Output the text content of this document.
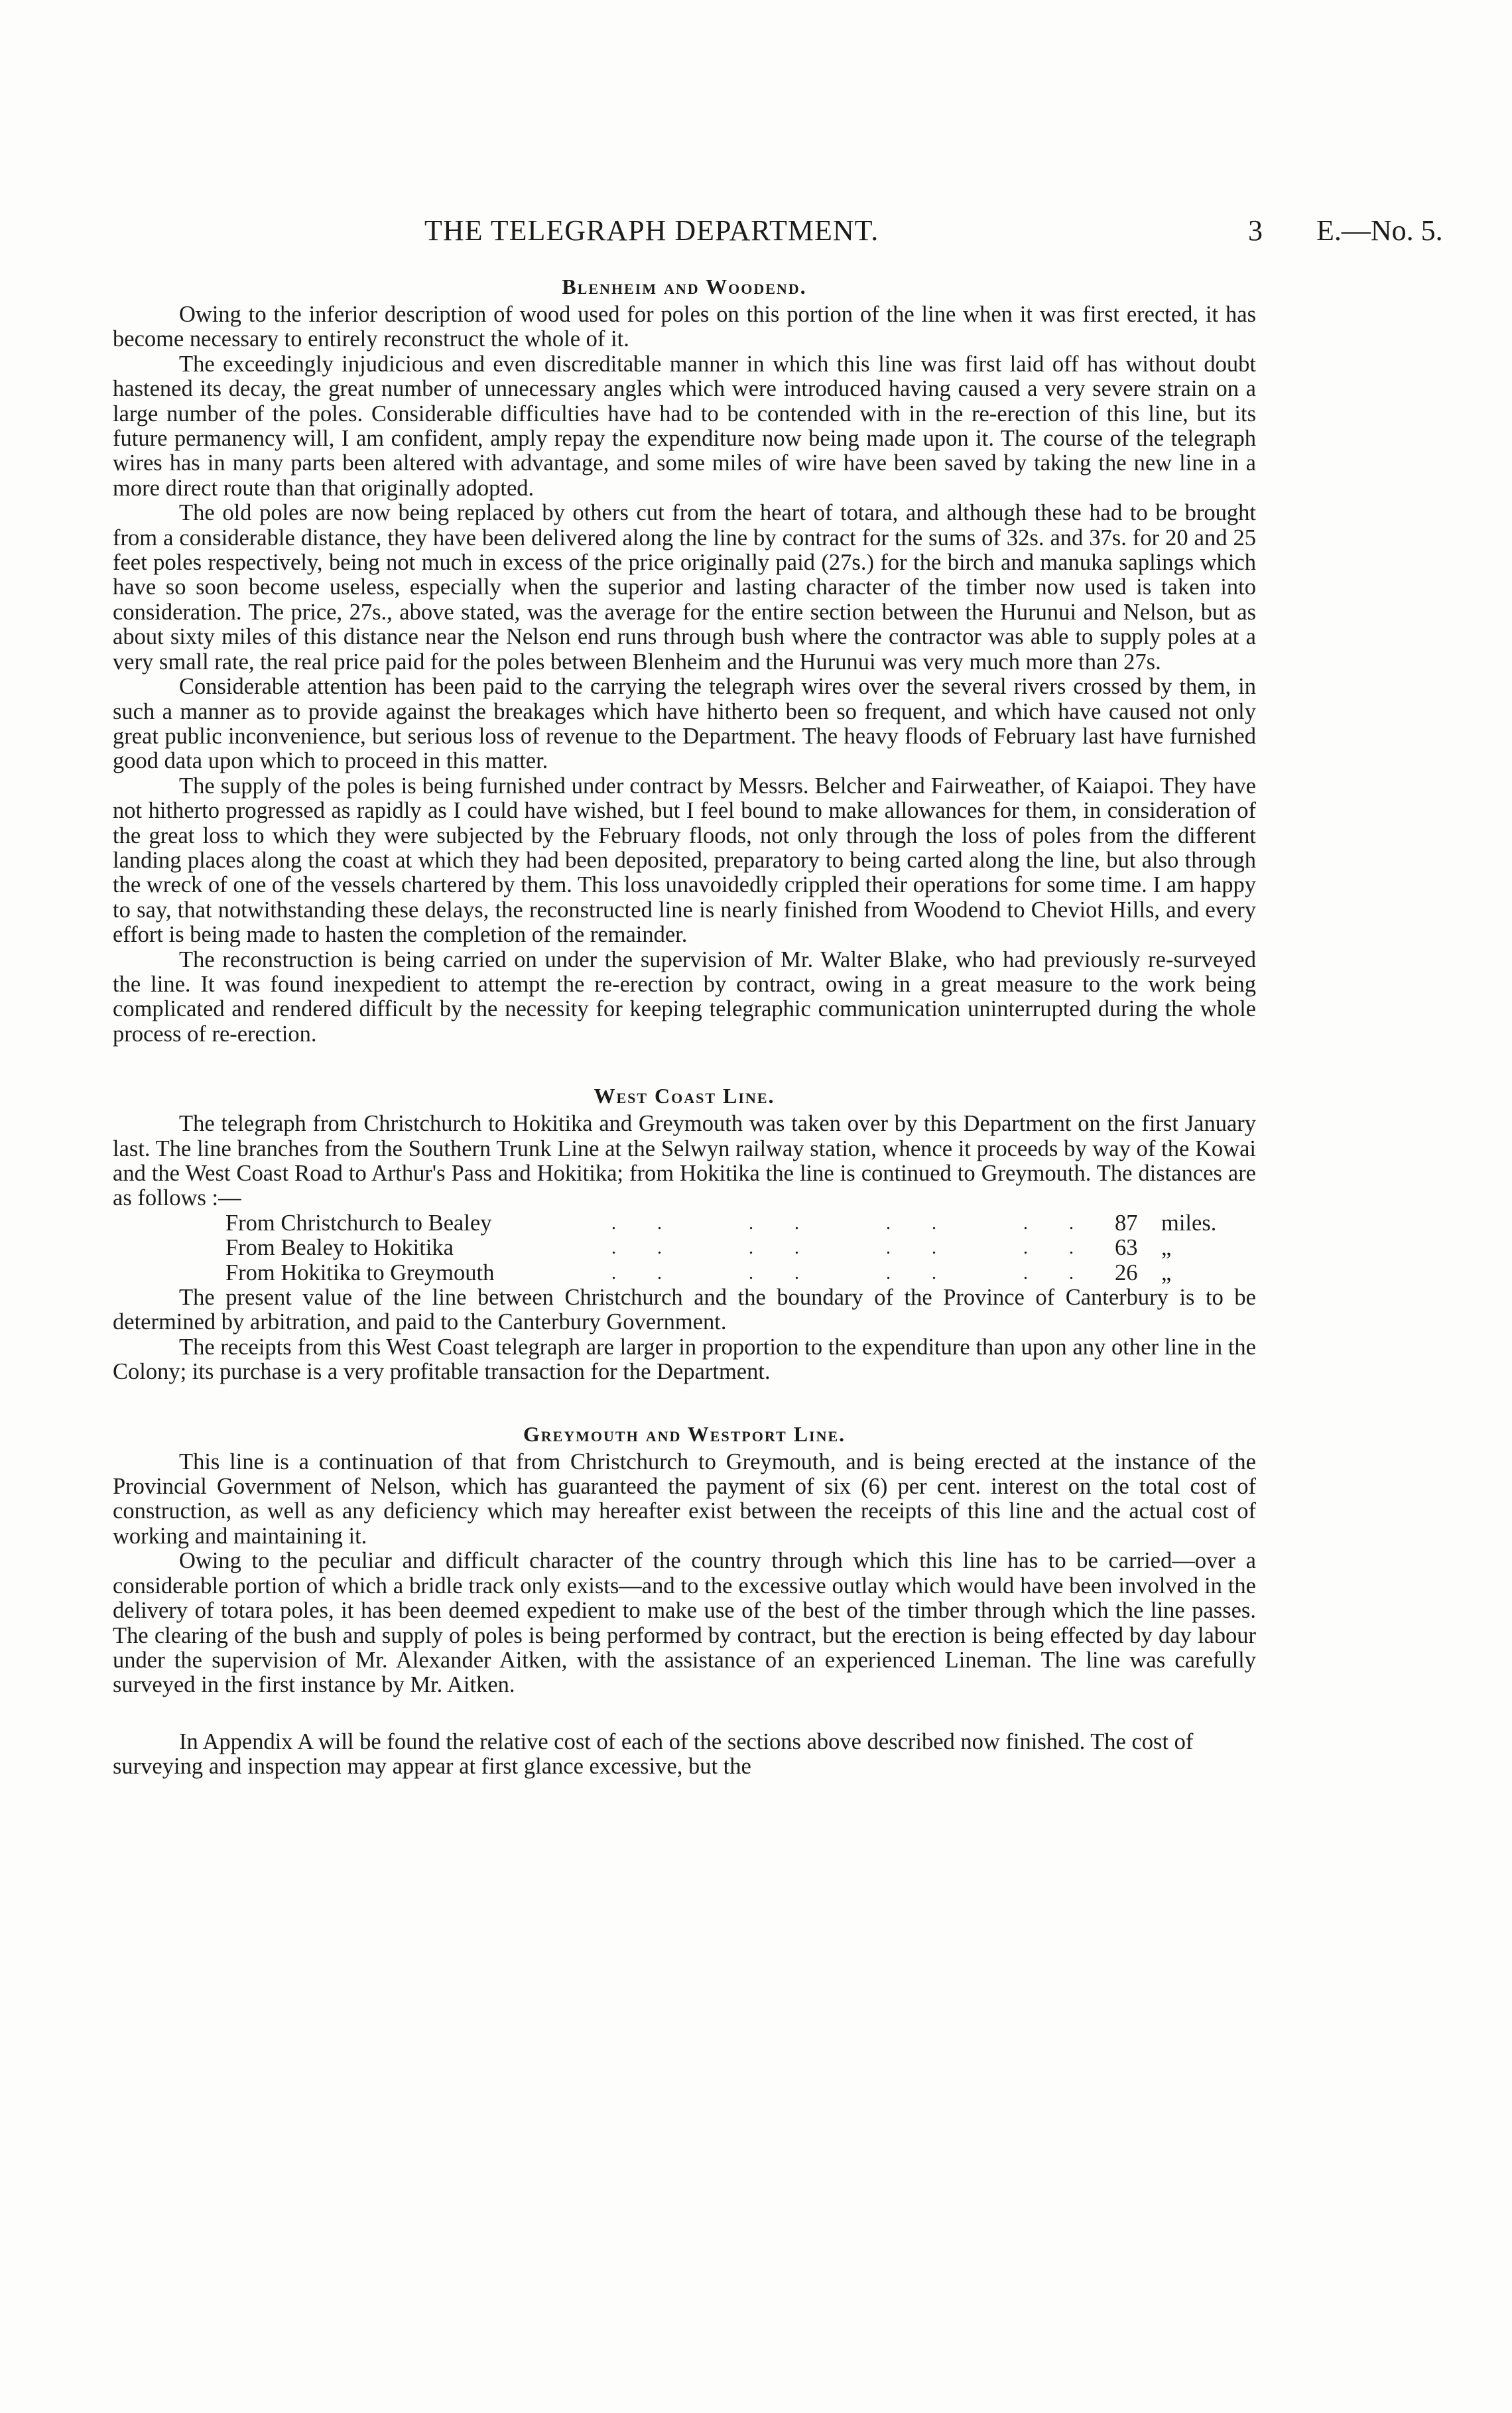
THE TELEGRAPH DEPARTMENT.	3 E.—No. 5.
Blenheim and Woodend.

Owing to the inferior description of wood used for poles on this portion of the line when it was first erected, it has become necessary to entirely reconstruct the whole of it.

The exceedingly injudicious and even discreditable manner in which this line was first laid off has without doubt hastened its decay, the great number of unnecessary angles which were introduced having caused a very severe strain on a large number of the poles. Considerable difficulties have had to be contended with in the re-erection of this line, but its future permanency will, I am confident, amply repay the expenditure now being made upon it. The course of the telegraph wires has in many parts been altered with advantage, and some miles of wire have been saved by taking the new line in a more direct route than that originally adopted.

The old poles are now being replaced by others cut from the heart of totara, and although these had to be brought from a considerable distance, they have been delivered along the line by contract for the sums of 32s. and 37s. for 20 and 25 feet poles respectively, being not much in excess of the price originally paid (27s.) for the birch and manuka saplings which have so soon become useless, especially when the superior and lasting character of the timber now used is taken into consideration. The price, 27s., above stated, was the average for the entire section between the Hurunui and Nelson, but as about sixty miles of this distance near the Nelson end runs through bush where the contractor was able to supply poles at a very small rate, the real price paid for the poles between Blenheim and the Hurunui was very much more than 27s.

Considerable attention has been paid to the carrying the telegraph wires over the several rivers crossed by them, in such a manner as to provide against the breakages which have hitherto been so frequent, and which have caused not only great public inconvenience, but serious loss of revenue to the Department. The heavy floods of February last have furnished good data upon which to proceed in this matter.

The supply of the poles is being furnished under contract by Messrs. Belcher and Fairweather, of Kaiapoi. They have not hitherto progressed as rapidly as I could have wished, but I feel bound to make allowances for them, in consideration of the great loss to which they were subjected by the February floods, not only through the loss of poles from the different landing places along the coast at which they had been deposited, preparatory to being carted along the line, but also through the wreck of one of the vessels chartered by them. This loss unavoidedly crippled their operations for some time. I am happy to say, that notwithstanding these delays, the reconstructed line is nearly finished from Woodend to Cheviot Hills, and every effort is being made to hasten the completion of the remainder.

The reconstruction is being carried on under the supervision of Mr. Walter Blake, who had previously re-surveyed the line. It was found inexpedient to attempt the re-erection by contract, owing in a great measure to the work being complicated and rendered difficult by the necessity for keeping telegraphic communication uninterrupted during the whole process of re-erection.

West Coast Line.

The telegraph from Christchurch to Hokitika and Greymouth was taken over by this Department on the first January last. The line branches from the Southern Trunk Line at the Selwyn railway station, whence it proceeds by way of the Kowai and the West Coast Road to Arthur's Pass and Hokitika; from Hokitika the line is continued to Greymouth. The distances are as follows :—

From Christchurch to Bealey	.. .. .. ..	87	miles.
From Bealey to Hokitika	.. .. .. ..	63	„
From Hokitika to Greymouth	.. .. .. ..	26	„

The present value of the line between Christchurch and the boundary of the Province of Canterbury is to be determined by arbitration, and paid to the Canterbury Government.

The receipts from this West Coast telegraph are larger in proportion to the expenditure than upon any other line in the Colony; its purchase is a very profitable transaction for the Department.

Greymouth and Westport Line.

This line is a continuation of that from Christchurch to Greymouth, and is being erected at the instance of the Provincial Government of Nelson, which has guaranteed the payment of six (6) per cent. interest on the total cost of construction, as well as any deficiency which may hereafter exist between the receipts of this line and the actual cost of working and maintaining it.

Owing to the peculiar and difficult character of the country through which this line has to be carried—over a considerable portion of which a bridle track only exists—and to the excessive outlay which would have been involved in the delivery of totara poles, it has been deemed expedient to make use of the best of the timber through which the line passes. The clearing of the bush and supply of poles is being performed by contract, but the erection is being effected by day labour under the supervision of Mr. Alexander Aitken, with the assistance of an experienced Lineman. The line was carefully surveyed in the first instance by Mr. Aitken.

In Appendix A will be found the relative cost of each of the sections above described now finished. The cost of surveying and inspection may appear at first glance excessive, but the
